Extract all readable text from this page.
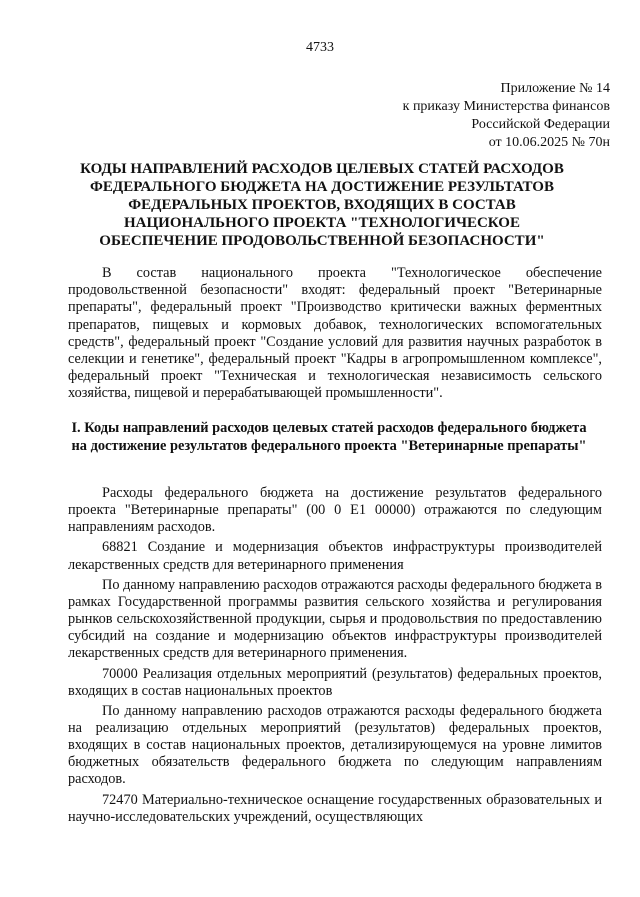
4733
Приложение № 14
к приказу Министерства финансов
Российской Федерации
от 10.06.2025 № 70н
КОДЫ НАПРАВЛЕНИЙ РАСХОДОВ ЦЕЛЕВЫХ СТАТЕЙ РАСХОДОВ ФЕДЕРАЛЬНОГО БЮДЖЕТА НА ДОСТИЖЕНИЕ РЕЗУЛЬТАТОВ ФЕДЕРАЛЬНЫХ ПРОЕКТОВ, ВХОДЯЩИХ В СОСТАВ НАЦИОНАЛЬНОГО ПРОЕКТА "ТЕХНОЛОГИЧЕСКОЕ ОБЕСПЕЧЕНИЕ ПРОДОВОЛЬСТВЕННОЙ БЕЗОПАСНОСТИ"
В состав национального проекта "Технологическое обеспечение продовольственной безопасности" входят: федеральный проект "Ветеринарные препараты", федеральный проект "Производство критически важных ферментных препаратов, пищевых и кормовых добавок, технологических вспомогательных средств", федеральный проект "Создание условий для развития научных разработок в селекции и генетике", федеральный проект "Кадры в агропромышленном комплексе", федеральный проект "Техническая и технологическая независимость сельского хозяйства, пищевой и перерабатывающей промышленности".
I. Коды направлений расходов целевых статей расходов федерального бюджета на достижение результатов федерального проекта "Ветеринарные препараты"

Расходы федерального бюджета на достижение результатов федерального проекта "Ветеринарные препараты" (00 0 Е1 00000) отражаются по следующим направлениям расходов.

68821 Создание и модернизация объектов инфраструктуры производителей лекарственных средств для ветеринарного применения

По данному направлению расходов отражаются расходы федерального бюджета в рамках Государственной программы развития сельского хозяйства и регулирования рынков сельскохозяйственной продукции, сырья и продовольствия по предоставлению субсидий на создание и модернизацию объектов инфраструктуры производителей лекарственных средств для ветеринарного применения.

70000 Реализация отдельных мероприятий (результатов) федеральных проектов, входящих в состав национальных проектов

По данному направлению расходов отражаются расходы федерального бюджета на реализацию отдельных мероприятий (результатов) федеральных проектов, входящих в состав национальных проектов, детализирующемуся на уровне лимитов бюджетных обязательств федерального бюджета по следующим направлениям расходов.

72470 Материально-техническое оснащение государственных образовательных и научно-исследовательских учреждений, осуществляющих
